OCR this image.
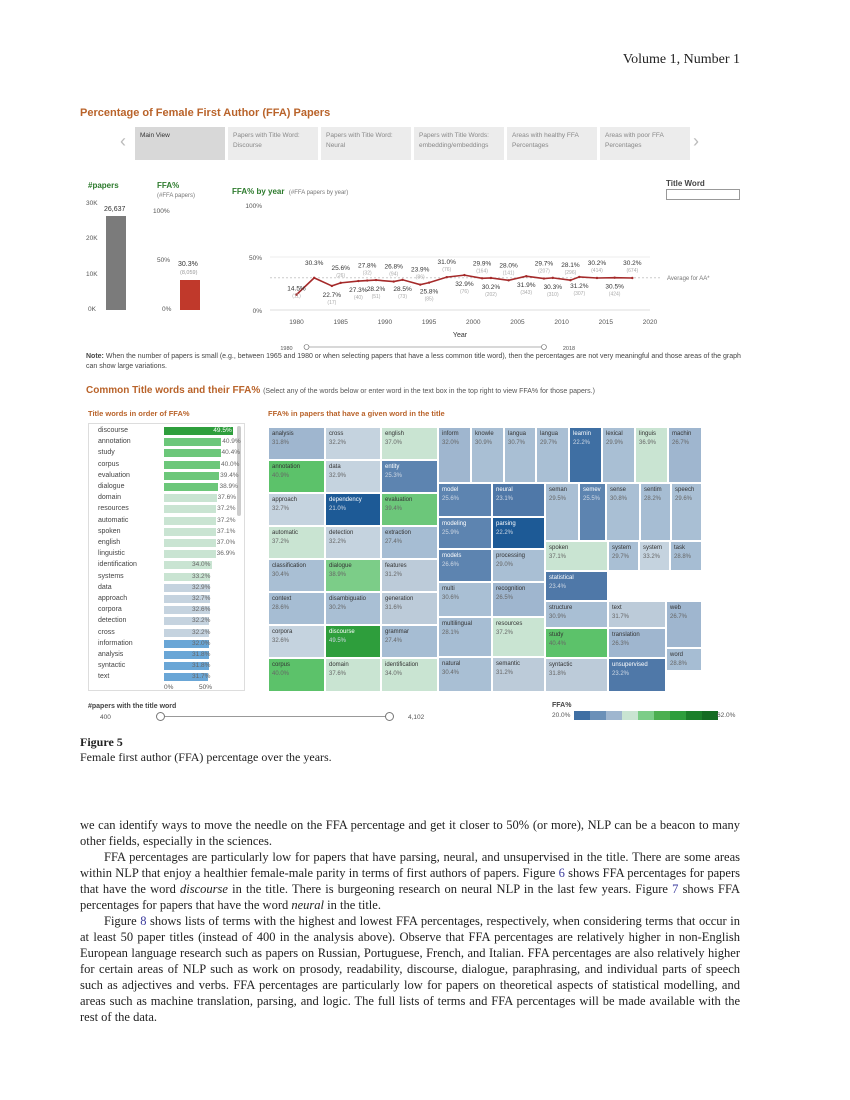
Volume 1, Number 1
Percentage of Female First Author (FFA) Papers
‹	Main View	Papers with Title Word: Discourse
Papers with Title Word: Neural
Papers with Title Words: embedding/embeddings
Areas with healthy FFA Percentages
Areas with poor FFA Percentages	›
#papers
30K
20K
10K
0K
26,637
FFA%
(#FFA papers)
100%
50%
0%
30.3%
(8,059)
FFA% by year (#FFA papers by year)
Title Word
100%
50%
0%
Average for AA*
1980	1985	1990	1995	2000	2005	2010	2015	2020
Year
1980	2018
14.5%
(11)
30.3%
22.7%
(17)
25.6%
(26)
27.3%
(40)
27.8%
(32)
28.2%
(51)
26.8%
(94)
28.5%
(73)
23.9%
(86)
25.8%
(85)
31.0%
(76)
32.9%
(76)
29.9%
(164)
30.2%
(202)
28.0%
(141)
31.9%
(343)
29.7%
(207)
30.3%
(310)
28.1%
(296)
31.2%
(307)
30.2%
(414)
30.5%
(424)
30.2%
(674)
Note: When the number of papers is small (e.g., between 1965 and 1980 or when selecting papers that have a less common title word), then the percentages are not very meaningful and those areas of the graph can show large variations.
Common Title words and their FFA% (Select any of the words below or enter word in the text box in the top right to view FFA% for those papers.)
Title words in order of FFA%	FFA% in papers that have a given word in the title
discourse	49.5%
annotation	40.9%
study	40.4%
corpus	40.0%
evaluation	39.4%
dialogue	38.9%
domain	37.6%
resources	37.2%
automatic	37.2%
spoken	37.1%
english	37.0%
linguistic	36.9%
identification	34.0%
systems	33.2%
data	32.9%
approach	32.7%
corpora	32.6%
detection	32.2%
cross	32.2%
information	32.0%
analysis	31.8%
syntactic	31.8%
text	31.7%
0%	50%
analysis
31.8%
cross
32.2%
english
37.0%
annotation
40.9%
data
32.9%
entity
25.3%
approach
32.7%
dependency
21.0%
evaluation
39.4%
automatic
37.2%
detection
32.2%
extraction
27.4%
classification
30.4%
dialogue
38.9%
features
31.2%
context
28.6%
disambiguatio
30.2%
generation
31.6%
corpora
32.6%
discourse
49.5%
grammar
27.4%
corpus
40.0%
domain
37.6%
identification
34.0%
inform
32.0%
knowle
30.9%
langua
30.7%
langua
29.7%
learnin
22.2%
lexical
29.9%
linguis
36.9%
machin
26.7%
model
25.6%
neural
23.1%
seman
29.5%
semev
25.5%
sense
30.8%
sentim
28.2%
speech
29.6%
modeling
25.9%
parsing
22.2%
spoken
37.1%
system
29.7%
system
33.2%
task
28.8%
models
26.6%
processing
29.0%
statistical
23.4%
multi
30.6%
recognition
26.5%
structure
30.9%
text
31.7%
web
26.7%
multilingual
28.1%
resources
37.2%	study
40.4%
translation
26.3%
word
28.8%
natural
30.4%
semantic
31.2%
syntactic
31.8%
unsupervised
23.2%
#papers with the title word
400	4,102
FFA%
20.0%	62.0%
Figure 5
Female first author (FFA) percentage over the years.

we can identify ways to move the needle on the FFA percentage and get it closer to 50% (or more), NLP can be a beacon to many other fields, especially in the sciences.

FFA percentages are particularly low for papers that have parsing, neural, and unsupervised in the title. There are some areas within NLP that enjoy a healthier female-male parity in terms of first authors of papers. Figure 6 shows FFA percentages for papers that have the word discourse in the title. There is burgeoning research on neural NLP in the last few years. Figure 7 shows FFA percentages for papers that have the word neural in the title.

Figure 8 shows lists of terms with the highest and lowest FFA percentages, respectively, when considering terms that occur in at least 50 paper titles (instead of 400 in the analysis above). Observe that FFA percentages are relatively higher in non-English European language research such as papers on Russian, Portuguese, French, and Italian. FFA percentages are also relatively higher for certain areas of NLP such as work on prosody, readability, discourse, dialogue, paraphrasing, and individual parts of speech such as adjectives and verbs. FFA percentages are particularly low for papers on theoretical aspects of statistical modelling, and areas such as machine translation, parsing, and logic. The full lists of terms and FFA percentages will be made available with the rest of the data.
